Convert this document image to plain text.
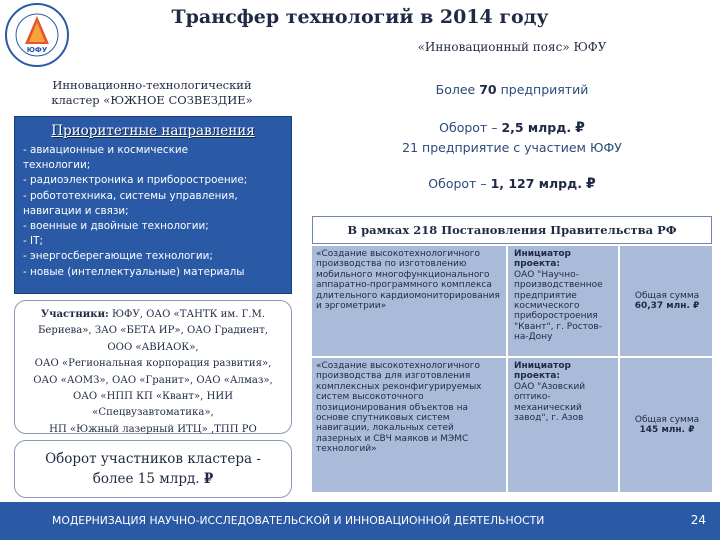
ЮФУ
Трансфер технологий в 2014 году
Инновационно-технологический
кластер «ЮЖНОЕ СОЗВЕЗДИЕ»
Приоритетные направления
- авиационные и космические
технологии;
- радиоэлектроника и приборостроение;
- робототехника, системы управления,
навигации и связи;
- военные и двойные технологии;
- IT;
- энергосберегающие технологии;
- новые (интеллектуальные) материалы
Участники: ЮФУ, ОАО «ТАНТК им. Г.М.
Бериева», ЗАО «БЕТА ИР», ОАО Градиент,
ООО «АВИАОК»,
ОАО «Региональная корпорация развития»,
ОАО «АОМЗ», ОАО «Гранит», ОАО «Алмаз»,
ОАО «НПП КП «Квант», НИИ
«Спецвузавтоматика»,
НП «Южный лазерный ИТЦ» ,ТПП РО
Оборот участников кластера -
более 15 млрд. ₽
«Инновационный пояс» ЮФУ
Более 70 предприятий
Оборот – 2,5 млрд. ₽
21 предприятие с участием ЮФУ
Оборот – 1, 127 млрд. ₽
В рамках 218 Постановления Правительства РФ
«Создание высокотехнологичного производства по изготовлению мобильного многофункционального аппаратно-программного комплекса длительного кардиомониторирования и эргометрии»
Инициатор проекта:
ОАО "Научно-производственное предприятие космического приборостроения "Квант", г. Ростов-на-Дону
Общая сумма
60,37 млн. ₽
«Создание высокотехнологичного производства для изготовления комплексных реконфигурируемых систем высокоточного позиционирования объектов на основе спутниковых систем навигации, локальных сетей лазерных и СВЧ маяков и МЭМС технологий»
Инициатор проекта:
ОАО "Азовский оптико-механический завод", г. Азов	Общая сумма
145 млн. ₽
МОДЕРНИЗАЦИЯ НАУЧНО-ИССЛЕДОВАТЕЛЬСКОЙ И ИННОВАЦИОННОЙ ДЕЯТЕЛЬНОСТИ	24
